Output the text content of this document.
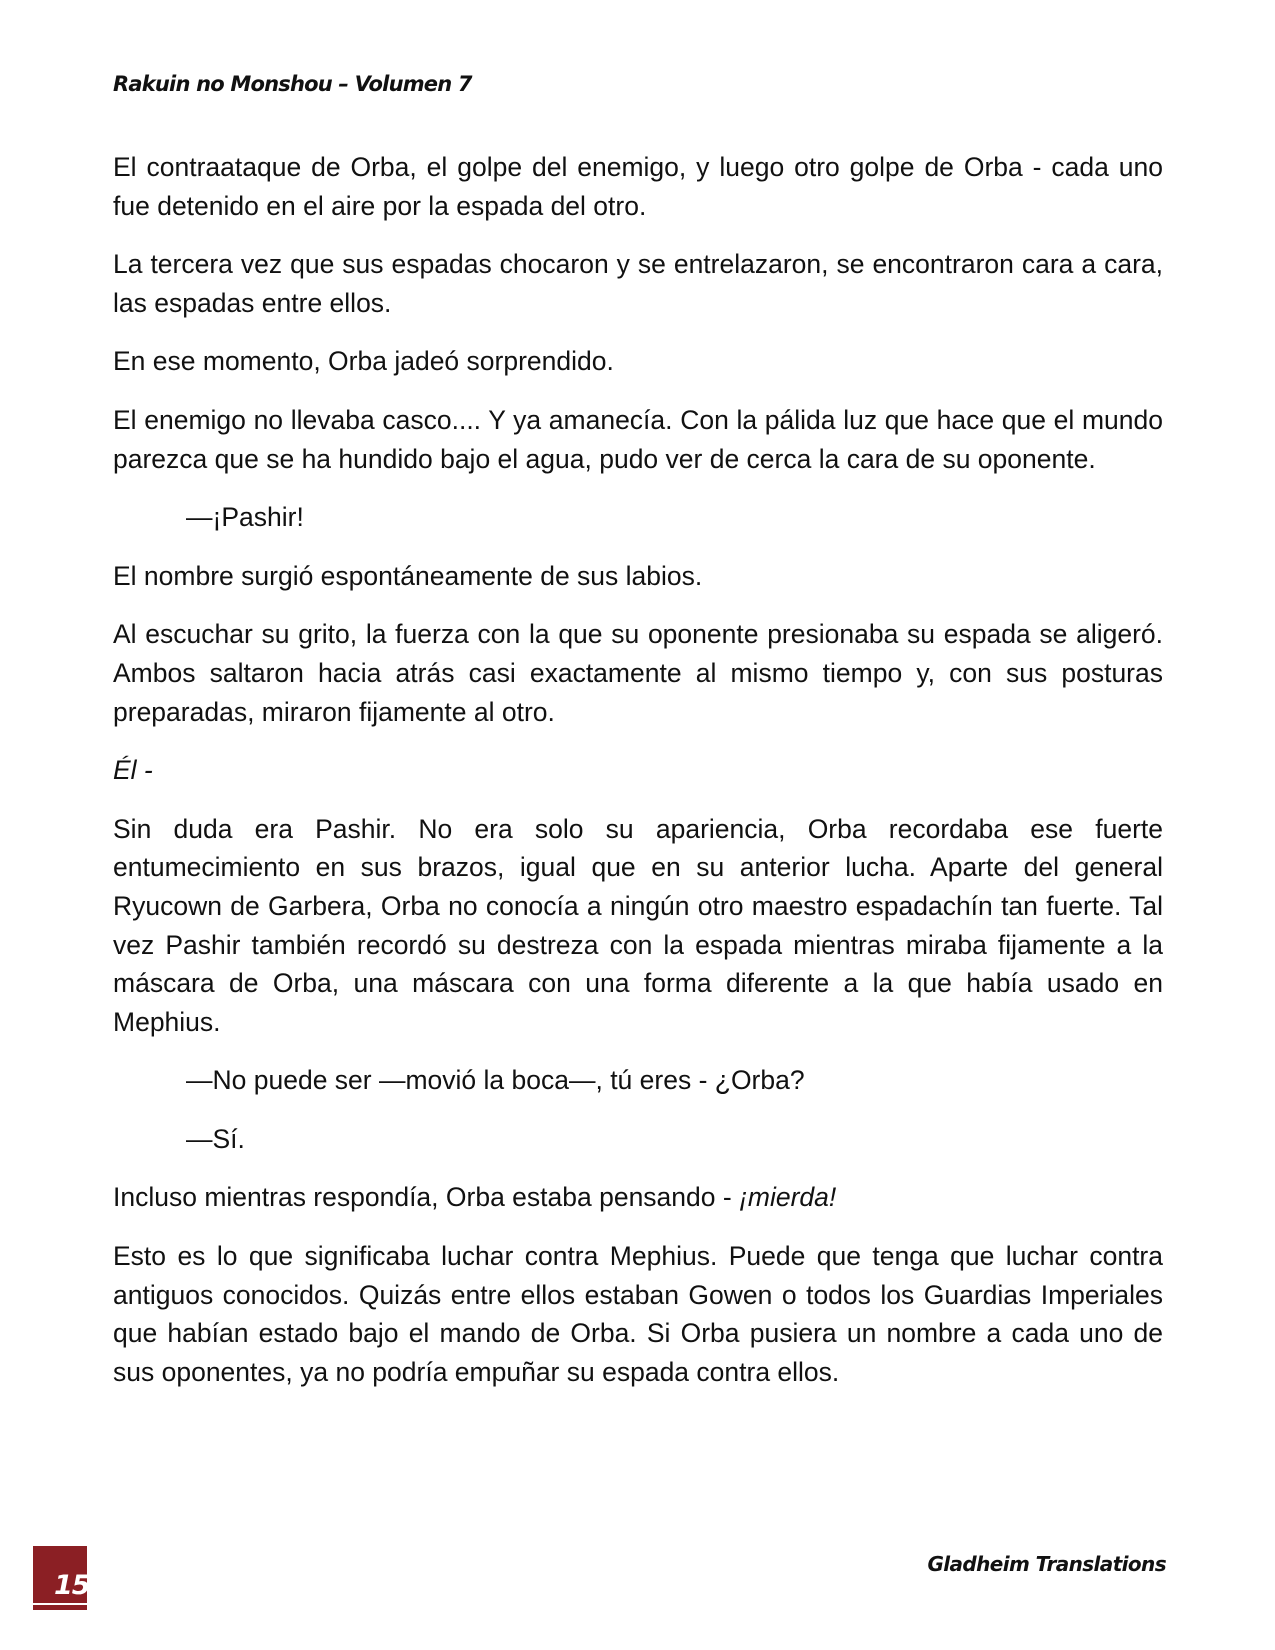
Rakuin no Monshou – Volumen 7

El contraataque de Orba, el golpe del enemigo, y luego otro golpe de Orba - cada uno fue detenido en el aire por la espada del otro.

La tercera vez que sus espadas chocaron y se entrelazaron, se encontraron cara a cara, las espadas entre ellos.

En ese momento, Orba jadeó sorprendido.

El enemigo no llevaba casco.... Y ya amanecía. Con la pálida luz que hace que el mundo parezca que se ha hundido bajo el agua, pudo ver de cerca la cara de su oponente.

—¡Pashir!

El nombre surgió espontáneamente de sus labios.

Al escuchar su grito, la fuerza con la que su oponente presionaba su espada se aligeró. Ambos saltaron hacia atrás casi exactamente al mismo tiempo y, con sus posturas preparadas, miraron fijamente al otro.

Él -

Sin duda era Pashir. No era solo su apariencia, Orba recordaba ese fuerte entumecimiento en sus brazos, igual que en su anterior lucha. Aparte del general Ryucown de Garbera, Orba no conocía a ningún otro maestro espadachín tan fuerte. Tal vez Pashir también recordó su destreza con la espada mientras miraba fijamente a la máscara de Orba, una máscara con una forma diferente a la que había usado en Mephius.

—No puede ser —movió la boca—, tú eres - ¿Orba?

—Sí.

Incluso mientras respondía, Orba estaba pensando - ¡mierda!

Esto es lo que significaba luchar contra Mephius. Puede que tenga que luchar contra antiguos conocidos. Quizás entre ellos estaban Gowen o todos los Guardias Imperiales que habían estado bajo el mando de Orba. Si Orba pusiera un nombre a cada uno de sus oponentes, ya no podría empuñar su espada contra ellos.

15
Gladheim Translations
